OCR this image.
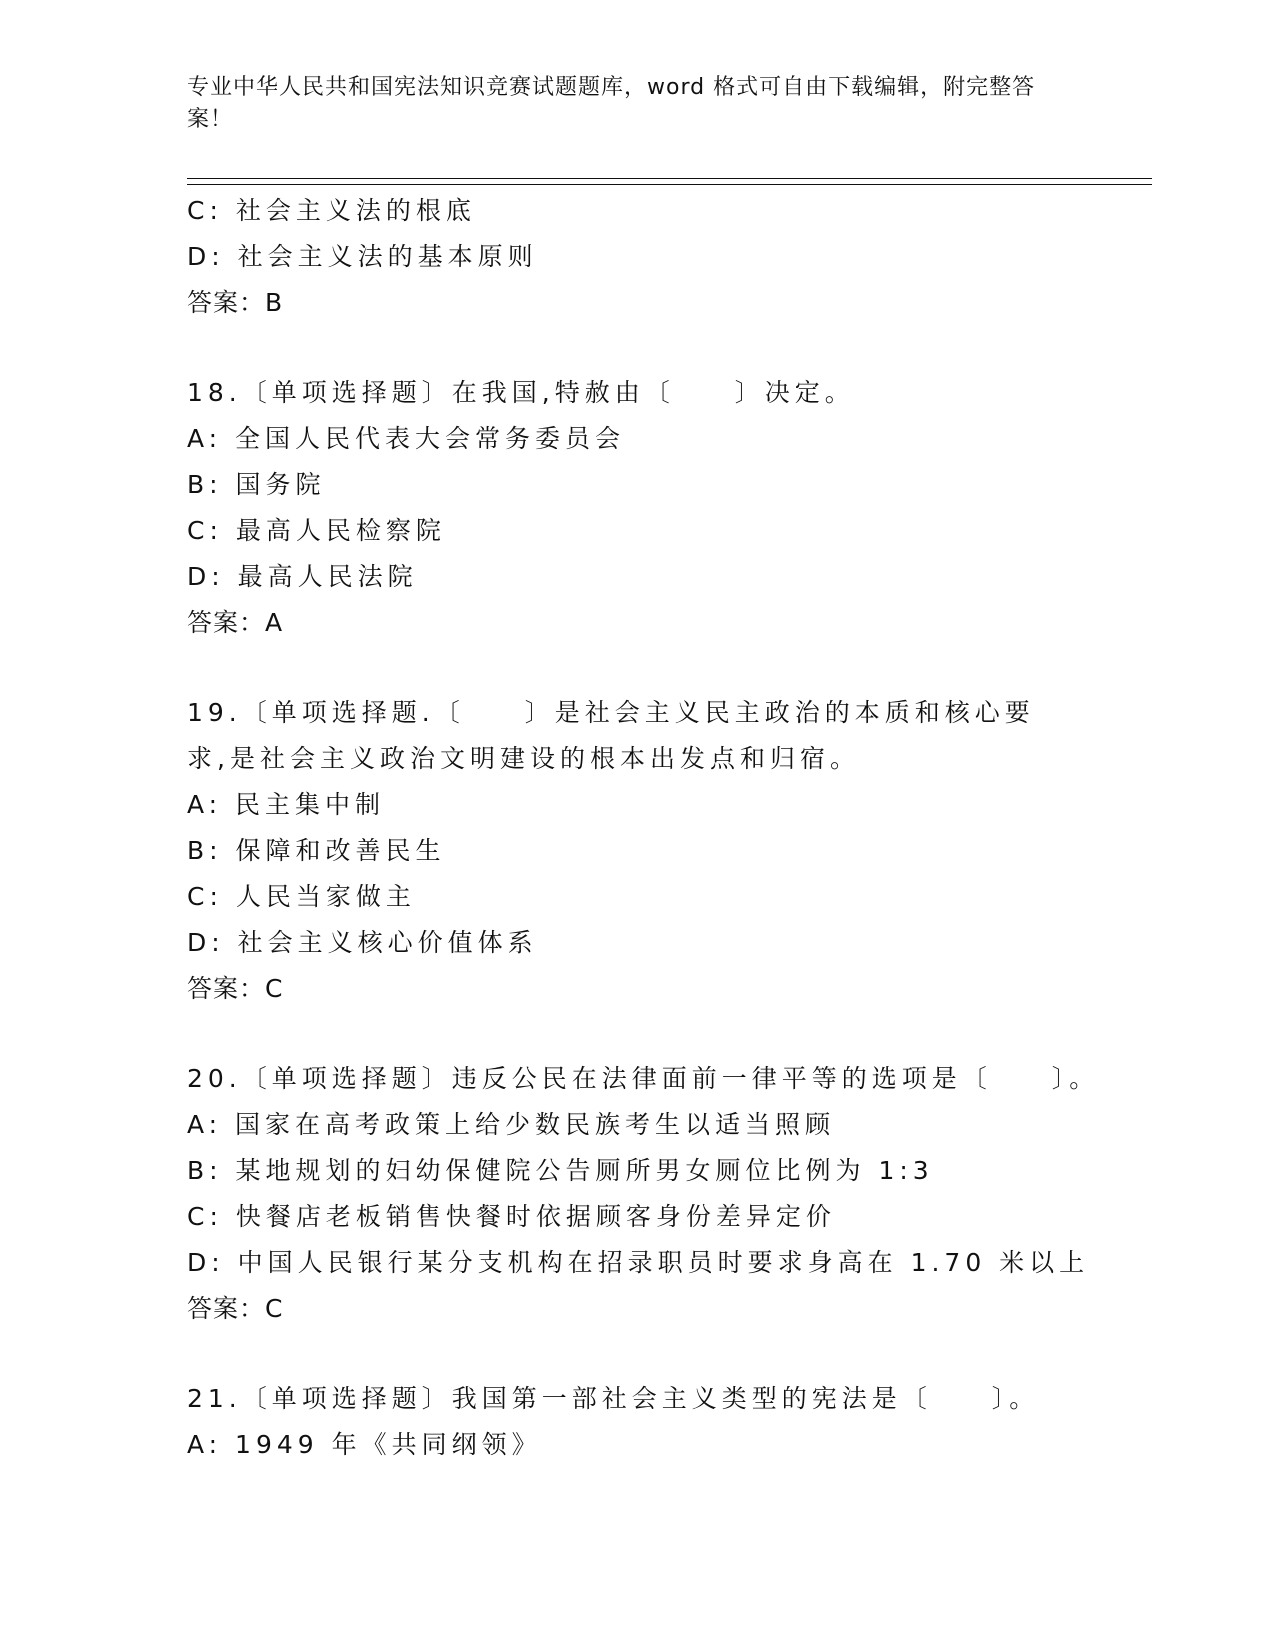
专业中华人民共和国宪法知识竞赛试题题库，word 格式可自由下载编辑，附完整答案！
C: 社会主义法的根底
D: 社会主义法的基本原则
答案：B
18.〔单项选择题〕在我国,特赦由〔　　〕决定。
A: 全国人民代表大会常务委员会
B: 国务院
C: 最高人民检察院
D: 最高人民法院
答案：A
19.〔单项选择题.〔　　〕是社会主义民主政治的本质和核心要求,是社会主义政治文明建设的根本出发点和归宿。
A: 民主集中制
B: 保障和改善民生
C: 人民当家做主
D: 社会主义核心价值体系
答案：C
20.〔单项选择题〕违反公民在法律面前一律平等的选项是〔　　〕。
A: 国家在高考政策上给少数民族考生以适当照顾
B: 某地规划的妇幼保健院公告厕所男女厕位比例为 1:3
C: 快餐店老板销售快餐时依据顾客身份差异定价
D: 中国人民银行某分支机构在招录职员时要求身高在 1.70 米以上
答案：C
21.〔单项选择题〕我国第一部社会主义类型的宪法是〔　　〕。
A: 1949 年《共同纲领》
